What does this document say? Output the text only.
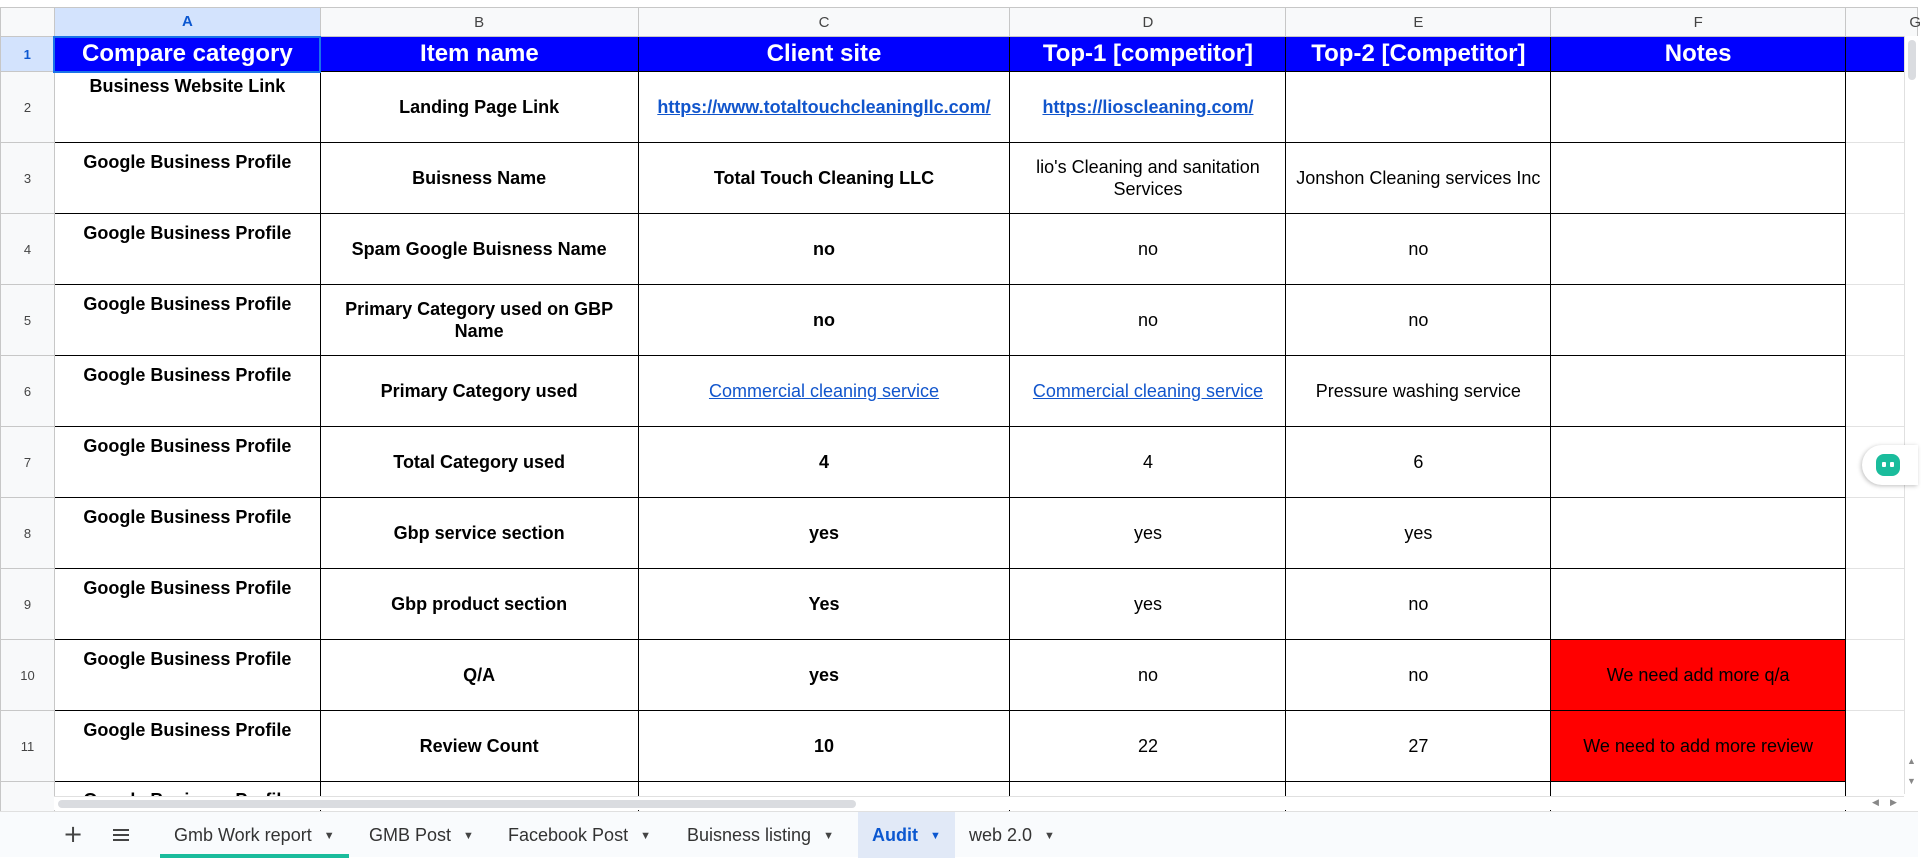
	A	B	C	D	E	F	G
1	Compare category	Item name	Client site	Top-1 [competitor]	Top-2 [Competitor]	Notes	
2	Business Website Link	Landing Page Link	https://www.totaltouchcleaningllc.com/	https://lioscleaning.com/			
3	Google Business Profile	Buisness Name	Total Touch Cleaning LLC	lio's Cleaning and sanitation Services	Jonshon Cleaning services Inc		
4	Google Business Profile	Spam Google Buisness Name	no	no	no		
5	Google Business Profile	Primary Category used on GBP Name	no	no	no		
6	Google Business Profile	Primary Category used	Commercial cleaning service	Commercial cleaning service	Pressure washing service		
7	Google Business Profile	Total Category used	4	4	6		
8	Google Business Profile	Gbp service section	yes	yes	yes		
9	Google Business Profile	Gbp product section	Yes	yes	no		
10	Google Business Profile	Q/A	yes	no	no	We need add more q/a	
11	Google Business Profile	Review Count	10	22	27	We need to add more review	

▲
▼
◀ ▶
+	Gmb Work report ▼	GMB Post ▼	Facebook Post ▼	Buisness listing ▼	Audit ▼	web 2.0 ▼
